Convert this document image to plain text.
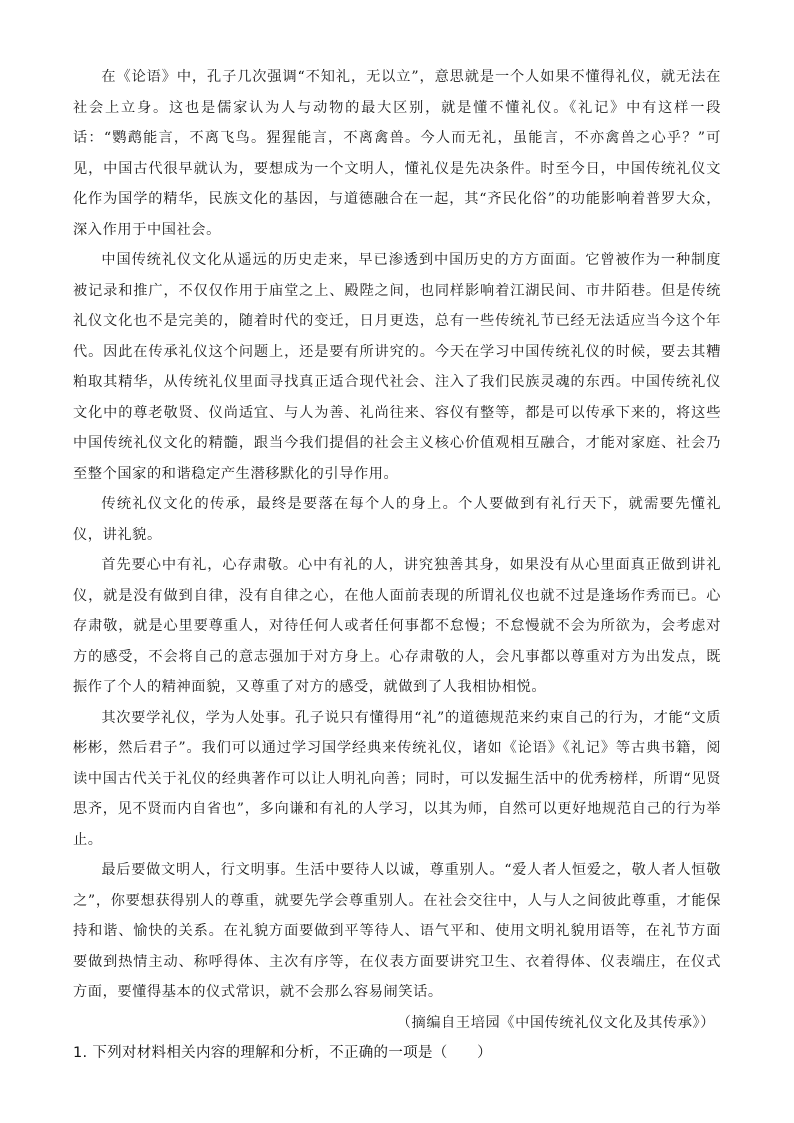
在《论语》中，孔子几次强调“不知礼，无以立”，意思就是一个人如果不懂得礼仪，就无法在社会上立身。这也是儒家认为人与动物的最大区别，就是懂不懂礼仪。《礼记》中有这样一段话：“鹦鹉能言，不离飞鸟。猩猩能言，不离禽兽。今人而无礼，虽能言，不亦禽兽之心乎？”可见，中国古代很早就认为，要想成为一个文明人，懂礼仪是先决条件。时至今日，中国传统礼仪文化作为国学的精华，民族文化的基因，与道德融合在一起，其“齐民化俗”的功能影响着普罗大众，深入作用于中国社会。

中国传统礼仪文化从遥远的历史走来，早已渗透到中国历史的方方面面。它曾被作为一种制度被记录和推广，不仅仅作用于庙堂之上、殿陛之间，也同样影响着江湖民间、市井陌巷。但是传统礼仪文化也不是完美的，随着时代的变迁，日月更迭，总有一些传统礼节已经无法适应当今这个年代。因此在传承礼仪这个问题上，还是要有所讲究的。今天在学习中国传统礼仪的时候，要去其糟粕取其精华，从传统礼仪里面寻找真正适合现代社会、注入了我们民族灵魂的东西。中国传统礼仪文化中的尊老敬贤、仪尚适宜、与人为善、礼尚往来、容仪有整等，都是可以传承下来的，将这些中国传统礼仪文化的精髓，跟当今我们提倡的社会主义核心价值观相互融合，才能对家庭、社会乃至整个国家的和谐稳定产生潜移默化的引导作用。

传统礼仪文化的传承，最终是要落在每个人的身上。个人要做到有礼行天下，就需要先懂礼仪，讲礼貌。

首先要心中有礼，心存肃敬。心中有礼的人，讲究独善其身，如果没有从心里面真正做到讲礼仪，就是没有做到自律，没有自律之心，在他人面前表现的所谓礼仪也就不过是逢场作秀而已。心存肃敬，就是心里要尊重人，对待任何人或者任何事都不怠慢；不怠慢就不会为所欲为，会考虑对方的感受，不会将自己的意志强加于对方身上。心存肃敬的人，会凡事都以尊重对方为出发点，既振作了个人的精神面貌，又尊重了对方的感受，就做到了人我相协相悦。

其次要学礼仪，学为人处事。孔子说只有懂得用“礼”的道德规范来约束自己的行为，才能“文质彬彬，然后君子”。我们可以通过学习国学经典来传统礼仪，诸如《论语》《礼记》等古典书籍，阅读中国古代关于礼仪的经典著作可以让人明礼向善；同时，可以发掘生活中的优秀榜样，所谓“见贤思齐，见不贤而内自省也”，多向谦和有礼的人学习，以其为师，自然可以更好地规范自己的行为举止。

最后要做文明人，行文明事。生活中要待人以诚，尊重别人。“爱人者人恒爱之，敬人者人恒敬之”，你要想获得别人的尊重，就要先学会尊重别人。在社会交往中，人与人之间彼此尊重，才能保持和谐、愉快的关系。在礼貌方面要做到平等待人、语气平和、使用文明礼貌用语等，在礼节方面要做到热情主动、称呼得体、主次有序等，在仪表方面要讲究卫生、衣着得体、仪表端庄，在仪式方面，要懂得基本的仪式常识，就不会那么容易闹笑话。

（摘编自王培园《中国传统礼仪文化及其传承》）

1. 下列对材料相关内容的理解和分析，不正确的一项是（　　）
